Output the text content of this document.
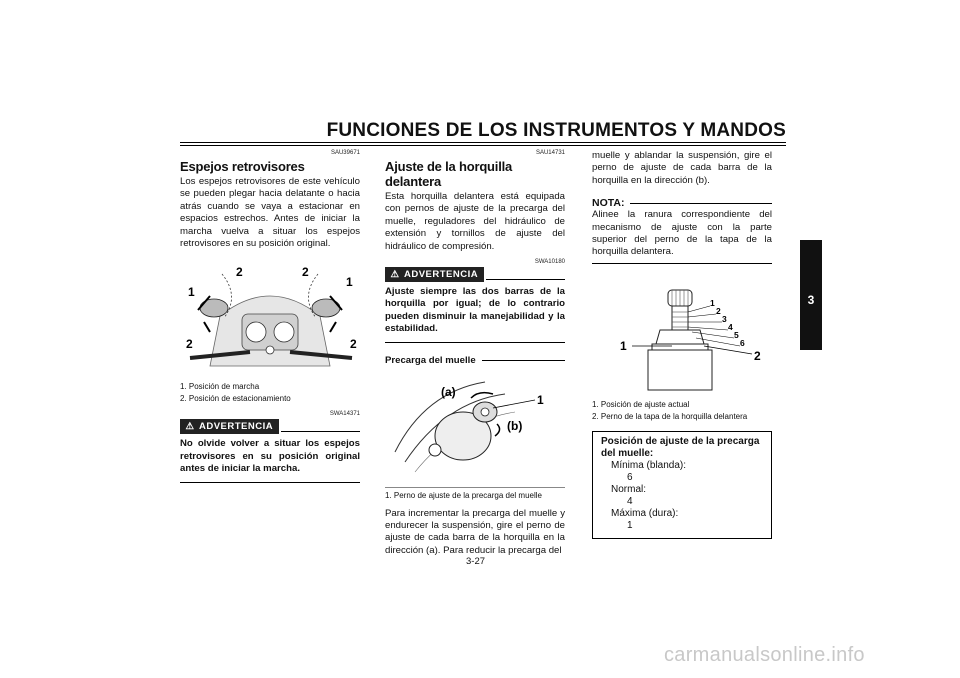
FUNCIONES DE LOS INSTRUMENTOS Y MANDOS
3
SAU39671
Espejos retrovisores

Los espejos retrovisores de este vehículo se pueden plegar hacia delatante o hacia atrás cuando se vaya a estacionar en espacios estrechos. Antes de iniciar la marcha vuelva a situar los espejos retrovisores en su posición original.

1
2	2
1
2	2
1. Posición de marcha
2. Posición de estacionamiento
SWA14371
⚠ ADVERTENCIA

No olvide volver a situar los espejos retrovisores en su posición original antes de iniciar la marcha.

SAU14731
Ajuste de la horquilla delantera

Esta horquilla delantera está equipada con pernos de ajuste de la precarga del muelle, reguladores del hidráulico de extensión y tornillos de ajuste del hidráulico de compresión.

SWA10180
⚠ ADVERTENCIA

Ajuste siempre las dos barras de la horquilla por igual; de lo contrario pueden disminuir la manejabilidad y la estabilidad.

Precarga del muelle
(a)
1
(b)
1. Perno de ajuste de la precarga del muelle

Para incrementar la precarga del muelle y endurecer la suspensión, gire el perno de ajuste de cada barra de la horquilla en la dirección (a). Para reducir la precarga del

muelle y ablandar la suspensión, gire el perno de ajuste de cada barra de la horquilla en la dirección (b).

NOTA:

Alinee la ranura correspondiente del mecanismo de ajuste con la parte superior del perno de la tapa de la horquilla delantera.

1
2
3
4
5
6
1
2
1. Posición de ajuste actual
2. Perno de la tapa de la horquilla delantera
Posición de ajuste de la precarga del muelle:
Mínima (blanda):
6
Normal:
4
Máxima (dura):
1
3-27
carmanualsonline.info
